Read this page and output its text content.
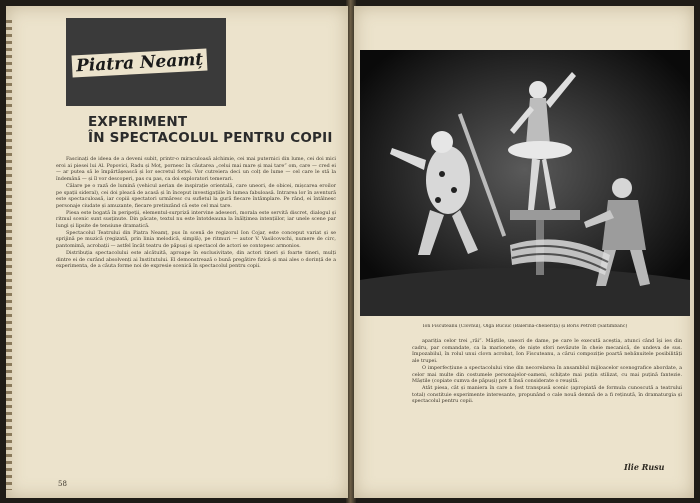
Piatra Neamț
EXPERIMENT
ÎN SPECTACOLUL PENTRU COPII

Fascinați de ideea de a deveni subit, printr-o miraculoasă alchimie, cei mai puternici din lume, cei doi mici eroi ai piesei lui Al. Popovici, Radu și Moț, pornesc în căutarea „celui mai mare și mai tare” om, care — cred ei — ar putea să le împărtășească și lor secretul forței. Vor cutreiera deci un colț de lume — cel care le stă la îndemână — și îl vor descoperi, pas cu pas, ca doi exploratori temerari.

Călare pe o rază de lumină (vehicul aerian de inspirație orientală, care uneori, de obicei, mișcarea eroilor pe spații sideral), cei doi pleacă de acasă și în început investigațiile în lumea fabuloasă. Intrarea lor în aventură este spectaculoasă, iar copiii spectatori urmăresc cu sufletul la gură fiecare întâmplare. Pe rând, ei întâlnesc personaje ciudate și amuzante, fiecare pretinzând că este cel mai tare.

Piesa este bogată în peripeții, elementul-surpriză intervine adeseori, morala este servită discret, dialogul și ritmul scenic sunt susținute. Din păcate, textul nu este întotdeauna la înălțimea intențiilor, iar unele scene par lungi și lipsite de tensiune dramatică.

Spectacolul Teatrului din Piatra Neamț, pus în scenă de regizorul Ion Cojar, este conceput variat și se sprijină pe muzică (regizată, prin linia melodică, simplă), pe ritmuri — autor V. Vasilcovschi, numere de circ, pantomimă, acrobații — astfel încât teatru de păpuși și spectacol de actori se contopesc armonios.

Distribuția spectacolului este alcătuită, aproape în exclusivitate, din actori tineri și foarte tineri, mulți dintre ei de curând absolvenți ai Institutului. El demonstrează o bună pregătire fizică și mai ales o dorință de a experimenta, de a căuta forme noi de expresie scenică în spectacolul pentru copii.

58
Ion Fiscuteanu (Clovnul), Olga Buciuc (Balerina-chelieriță) și Boris Petroff (Saltimbanc)

apariția celor trei „răi”. Măștile, uneori de dame, pe care le execută aceștia, atunci când își ies din cadru, par comandate, ca la marionete, de niște sfori nevăzute în cheie mecanică, de undeva de sus. Impozabilul, în rolul unui clovn acrobat, Ion Fiscuteanu, a cărui compoziție poartă nebănuitele posibilități ale trupei.

O imperfecțiune a spectacolului vine din necorelarea în ansamblul mijloacelor scenografice abordate, a celor mai multe din costumele personajelor-oameni, schițate mai puțin stilizat, cu mai puțină fantezie. Măștile (copiate cumva de păpuși) pot fi însă considerate o reușită.

Atât piesa, cât și maniera în care a fost transpusă scenic (apropiată de formula cunoscută a teatrului total) constituie experimente interesante, propunând o cale nouă demnă de a fi reținută, în dramaturgia și spectacolul pentru copii.

Ilie Rusu
